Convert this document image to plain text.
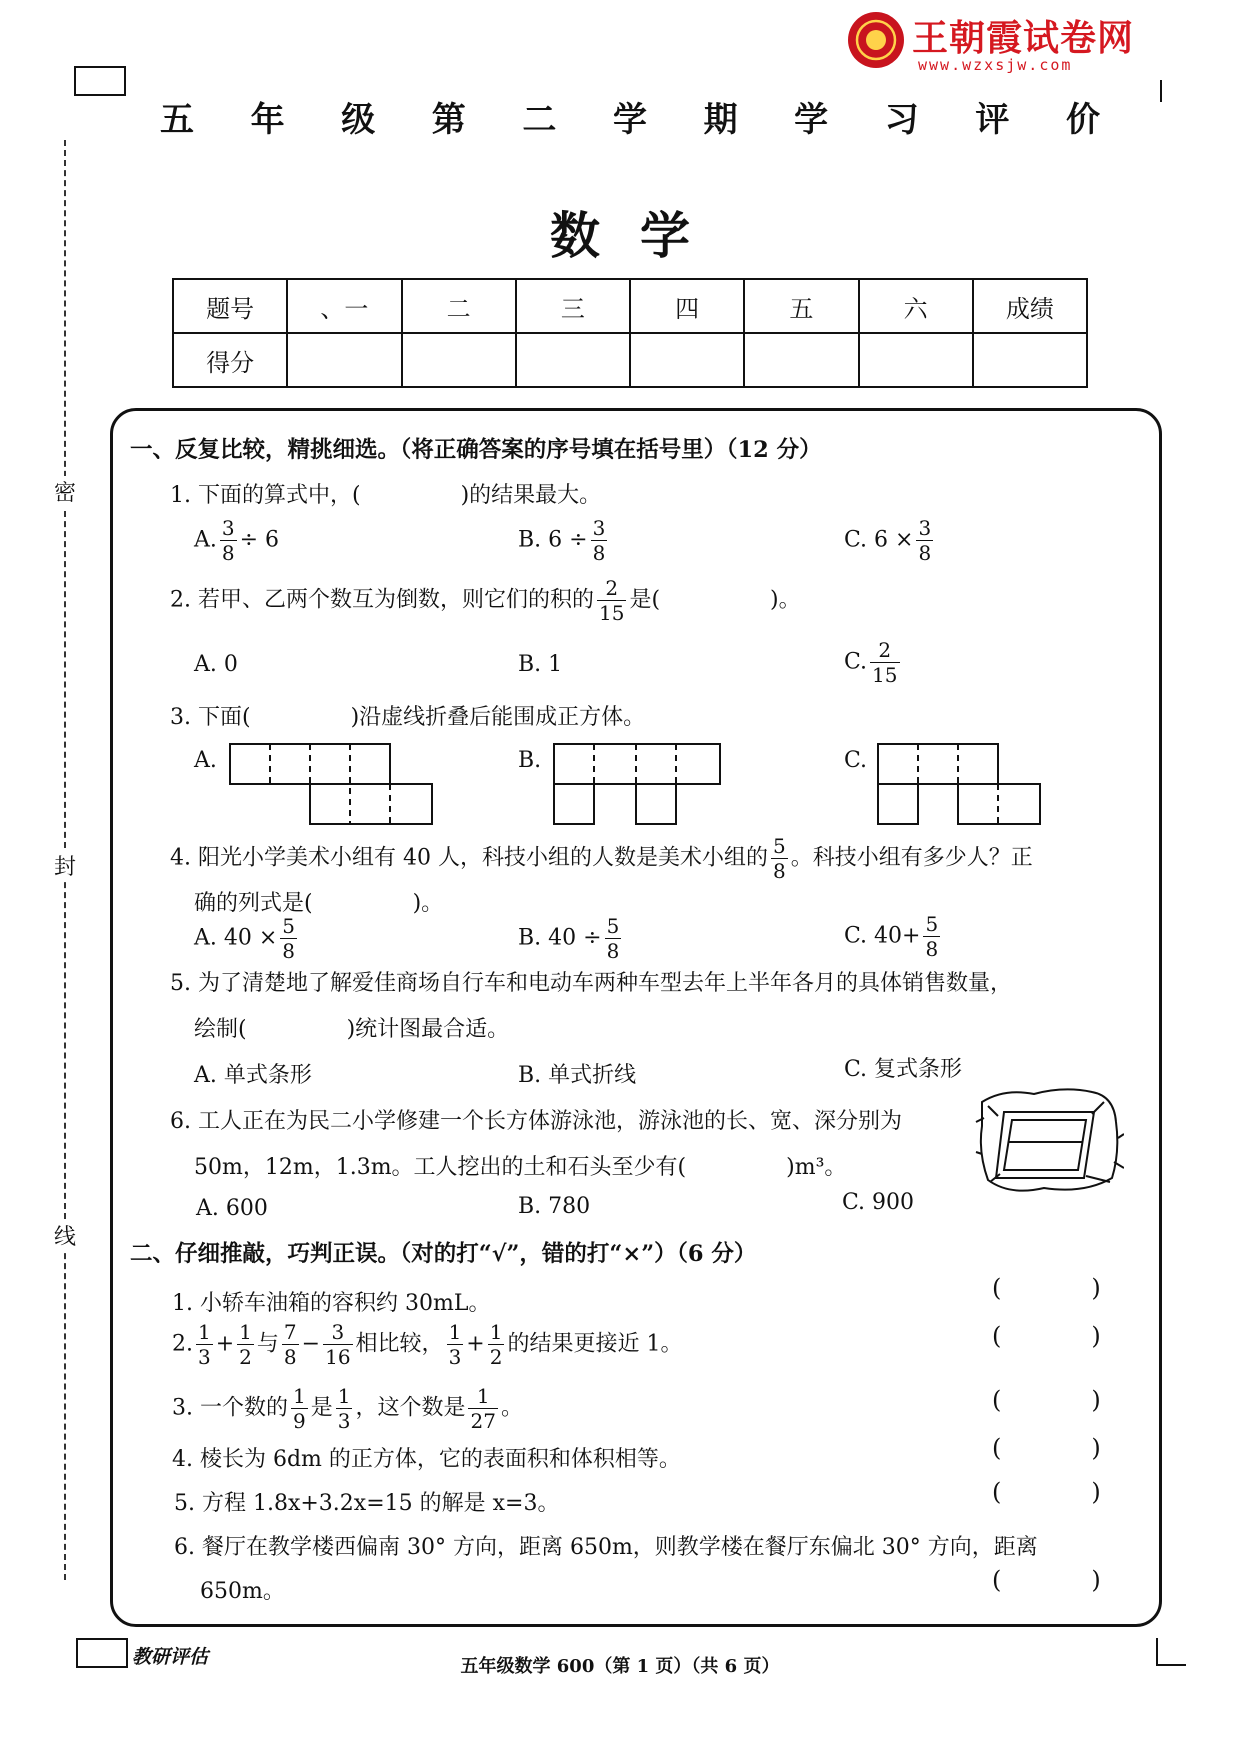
密
封
线
王朝霞试卷网
www.wzxsjw.com
五 年 级 第 二 学 期 学 习 评 价
数学
题号	、一	二	三	四	五	六	成绩
得分							
一、反复比较，精挑细选。（将正确答案的序号填在括号里）（12 分）
1. 下面的算式中，(	)的结果最大。
A. $\frac{3}{8} \div 6$	B. $6 \div \frac{3}{8}$	C. $6 \times \frac{3}{8}$
2. 若甲、乙两个数互为倒数，则它们的积的 $\frac{2}{15}$ 是(	)。
A. 0	B. 1	C. $\frac{2}{15}$
3. 下面(	)沿虚线折叠后能围成正方体。
A.	B.	C.
4. 阳光小学美术小组有 40 人，科技小组的人数是美术小组的 $\frac{5}{8}$ 。科技小组有多少人？正
确的列式是(	)。
A. $40 \times \frac{5}{8}$	B. $40 \div \frac{5}{8}$	C. $40+ \frac{5}{8}$
5. 为了清楚地了解爱佳商场自行车和电动车两种车型去年上半年各月的具体销售数量，
绘制(	)统计图最合适。
A. 单式条形	B. 单式折线	C. 复式条形
6. 工人正在为民二小学修建一个长方体游泳池，游泳池的长、宽、深分别为
50m，12m，1.3m。工人挖出的土和石头至少有(	)m³。
A. 600	B. 780	C. 900
二、仔细推敲，巧判正误。（对的打“√”，错的打“×”）（6 分）
1. 小轿车油箱的容积约 30mL。
2. $\frac{1}{3} + \frac{1}{2}$ 与 $\frac{7}{8} - \frac{3}{16}$ 相比较， $\frac{1}{3} + \frac{1}{2}$ 的结果更接近 1。
3. 一个数的 $\frac{1}{9}$ 是 $\frac{1}{3}$ ，这个数是 $\frac{1}{27}$ 。
4. 棱长为 6dm 的正方体，它的表面积和体积相等。
5. 方程 1.8x+3.2x=15 的解是 x=3。
6. 餐厅在教学楼西偏南 30° 方向，距离 650m，则教学楼在餐厅东偏北 30° 方向，距离
650m。
(	)
(	)
(	)
(	)
(	)
(	)
教研评估	五年级数学 600（第 1 页）（共 6 页）
